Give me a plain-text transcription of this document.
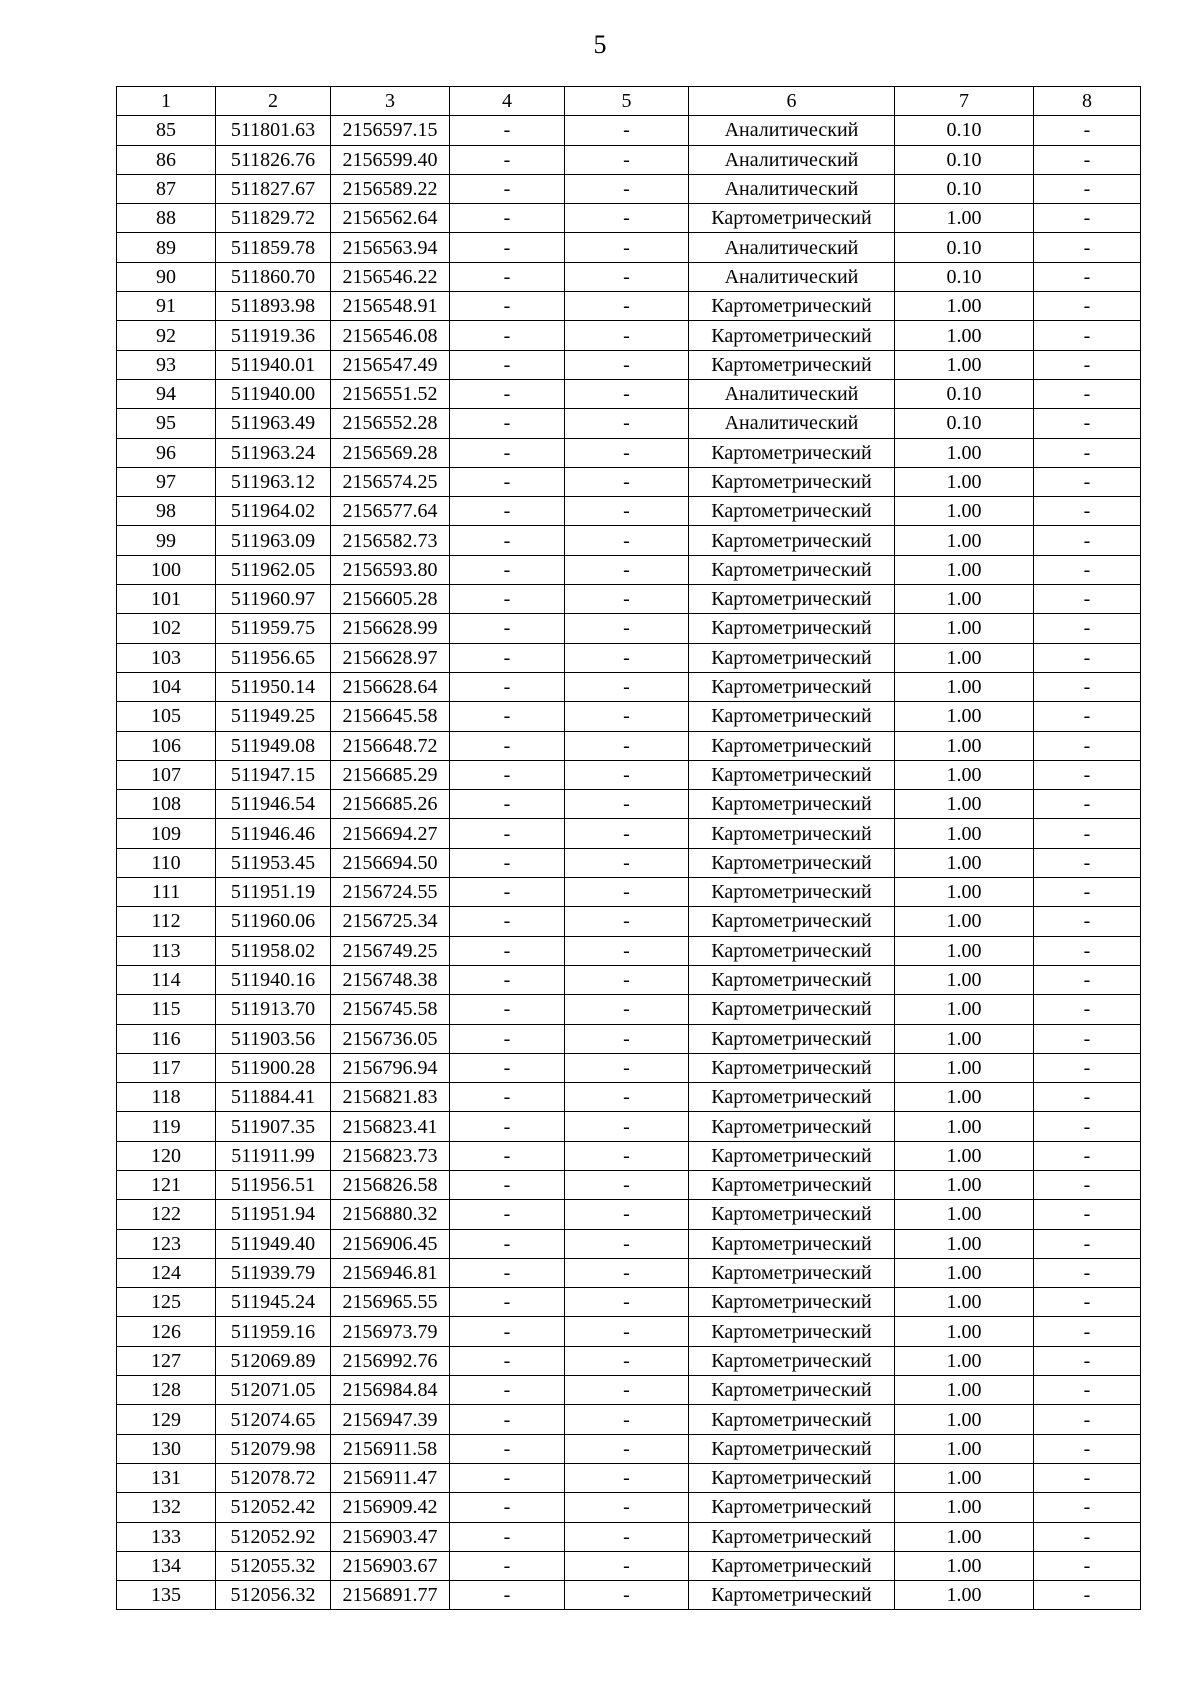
5
1	2	3	4	5	6	7	8
85	511801.63	2156597.15	-	-	Аналитический	0.10	-
86	511826.76	2156599.40	-	-	Аналитический	0.10	-
87	511827.67	2156589.22	-	-	Аналитический	0.10	-
88	511829.72	2156562.64	-	-	Картометрический	1.00	-
89	511859.78	2156563.94	-	-	Аналитический	0.10	-
90	511860.70	2156546.22	-	-	Аналитический	0.10	-
91	511893.98	2156548.91	-	-	Картометрический	1.00	-
92	511919.36	2156546.08	-	-	Картометрический	1.00	-
93	511940.01	2156547.49	-	-	Картометрический	1.00	-
94	511940.00	2156551.52	-	-	Аналитический	0.10	-
95	511963.49	2156552.28	-	-	Аналитический	0.10	-
96	511963.24	2156569.28	-	-	Картометрический	1.00	-
97	511963.12	2156574.25	-	-	Картометрический	1.00	-
98	511964.02	2156577.64	-	-	Картометрический	1.00	-
99	511963.09	2156582.73	-	-	Картометрический	1.00	-
100	511962.05	2156593.80	-	-	Картометрический	1.00	-
101	511960.97	2156605.28	-	-	Картометрический	1.00	-
102	511959.75	2156628.99	-	-	Картометрический	1.00	-
103	511956.65	2156628.97	-	-	Картометрический	1.00	-
104	511950.14	2156628.64	-	-	Картометрический	1.00	-
105	511949.25	2156645.58	-	-	Картометрический	1.00	-
106	511949.08	2156648.72	-	-	Картометрический	1.00	-
107	511947.15	2156685.29	-	-	Картометрический	1.00	-
108	511946.54	2156685.26	-	-	Картометрический	1.00	-
109	511946.46	2156694.27	-	-	Картометрический	1.00	-
110	511953.45	2156694.50	-	-	Картометрический	1.00	-
111	511951.19	2156724.55	-	-	Картометрический	1.00	-
112	511960.06	2156725.34	-	-	Картометрический	1.00	-
113	511958.02	2156749.25	-	-	Картометрический	1.00	-
114	511940.16	2156748.38	-	-	Картометрический	1.00	-
115	511913.70	2156745.58	-	-	Картометрический	1.00	-
116	511903.56	2156736.05	-	-	Картометрический	1.00	-
117	511900.28	2156796.94	-	-	Картометрический	1.00	-
118	511884.41	2156821.83	-	-	Картометрический	1.00	-
119	511907.35	2156823.41	-	-	Картометрический	1.00	-
120	511911.99	2156823.73	-	-	Картометрический	1.00	-
121	511956.51	2156826.58	-	-	Картометрический	1.00	-
122	511951.94	2156880.32	-	-	Картометрический	1.00	-
123	511949.40	2156906.45	-	-	Картометрический	1.00	-
124	511939.79	2156946.81	-	-	Картометрический	1.00	-
125	511945.24	2156965.55	-	-	Картометрический	1.00	-
126	511959.16	2156973.79	-	-	Картометрический	1.00	-
127	512069.89	2156992.76	-	-	Картометрический	1.00	-
128	512071.05	2156984.84	-	-	Картометрический	1.00	-
129	512074.65	2156947.39	-	-	Картометрический	1.00	-
130	512079.98	2156911.58	-	-	Картометрический	1.00	-
131	512078.72	2156911.47	-	-	Картометрический	1.00	-
132	512052.42	2156909.42	-	-	Картометрический	1.00	-
133	512052.92	2156903.47	-	-	Картометрический	1.00	-
134	512055.32	2156903.67	-	-	Картометрический	1.00	-
135	512056.32	2156891.77	-	-	Картометрический	1.00	-
